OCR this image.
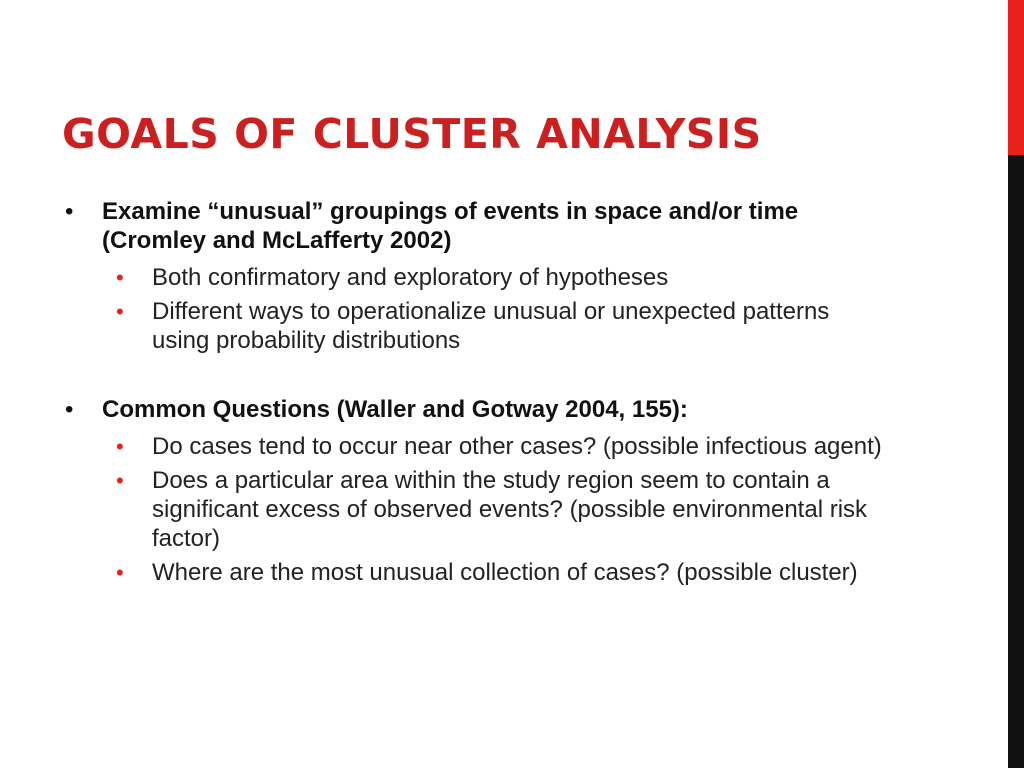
GOALS OF CLUSTER ANALYSIS
• Examine “unusual” groupings of events in space and/or time (Cromley and McLafferty 2002)
• Both confirmatory and exploratory of hypotheses
• Different ways to operationalize unusual or unexpected patterns using probability distributions
• Common Questions (Waller and Gotway 2004, 155):
• Do cases tend to occur near other cases? (possible infectious agent)
• Does a particular area within the study region seem to contain a significant excess of observed events? (possible environmental risk factor)
• Where are the most unusual collection of cases? (possible cluster)
